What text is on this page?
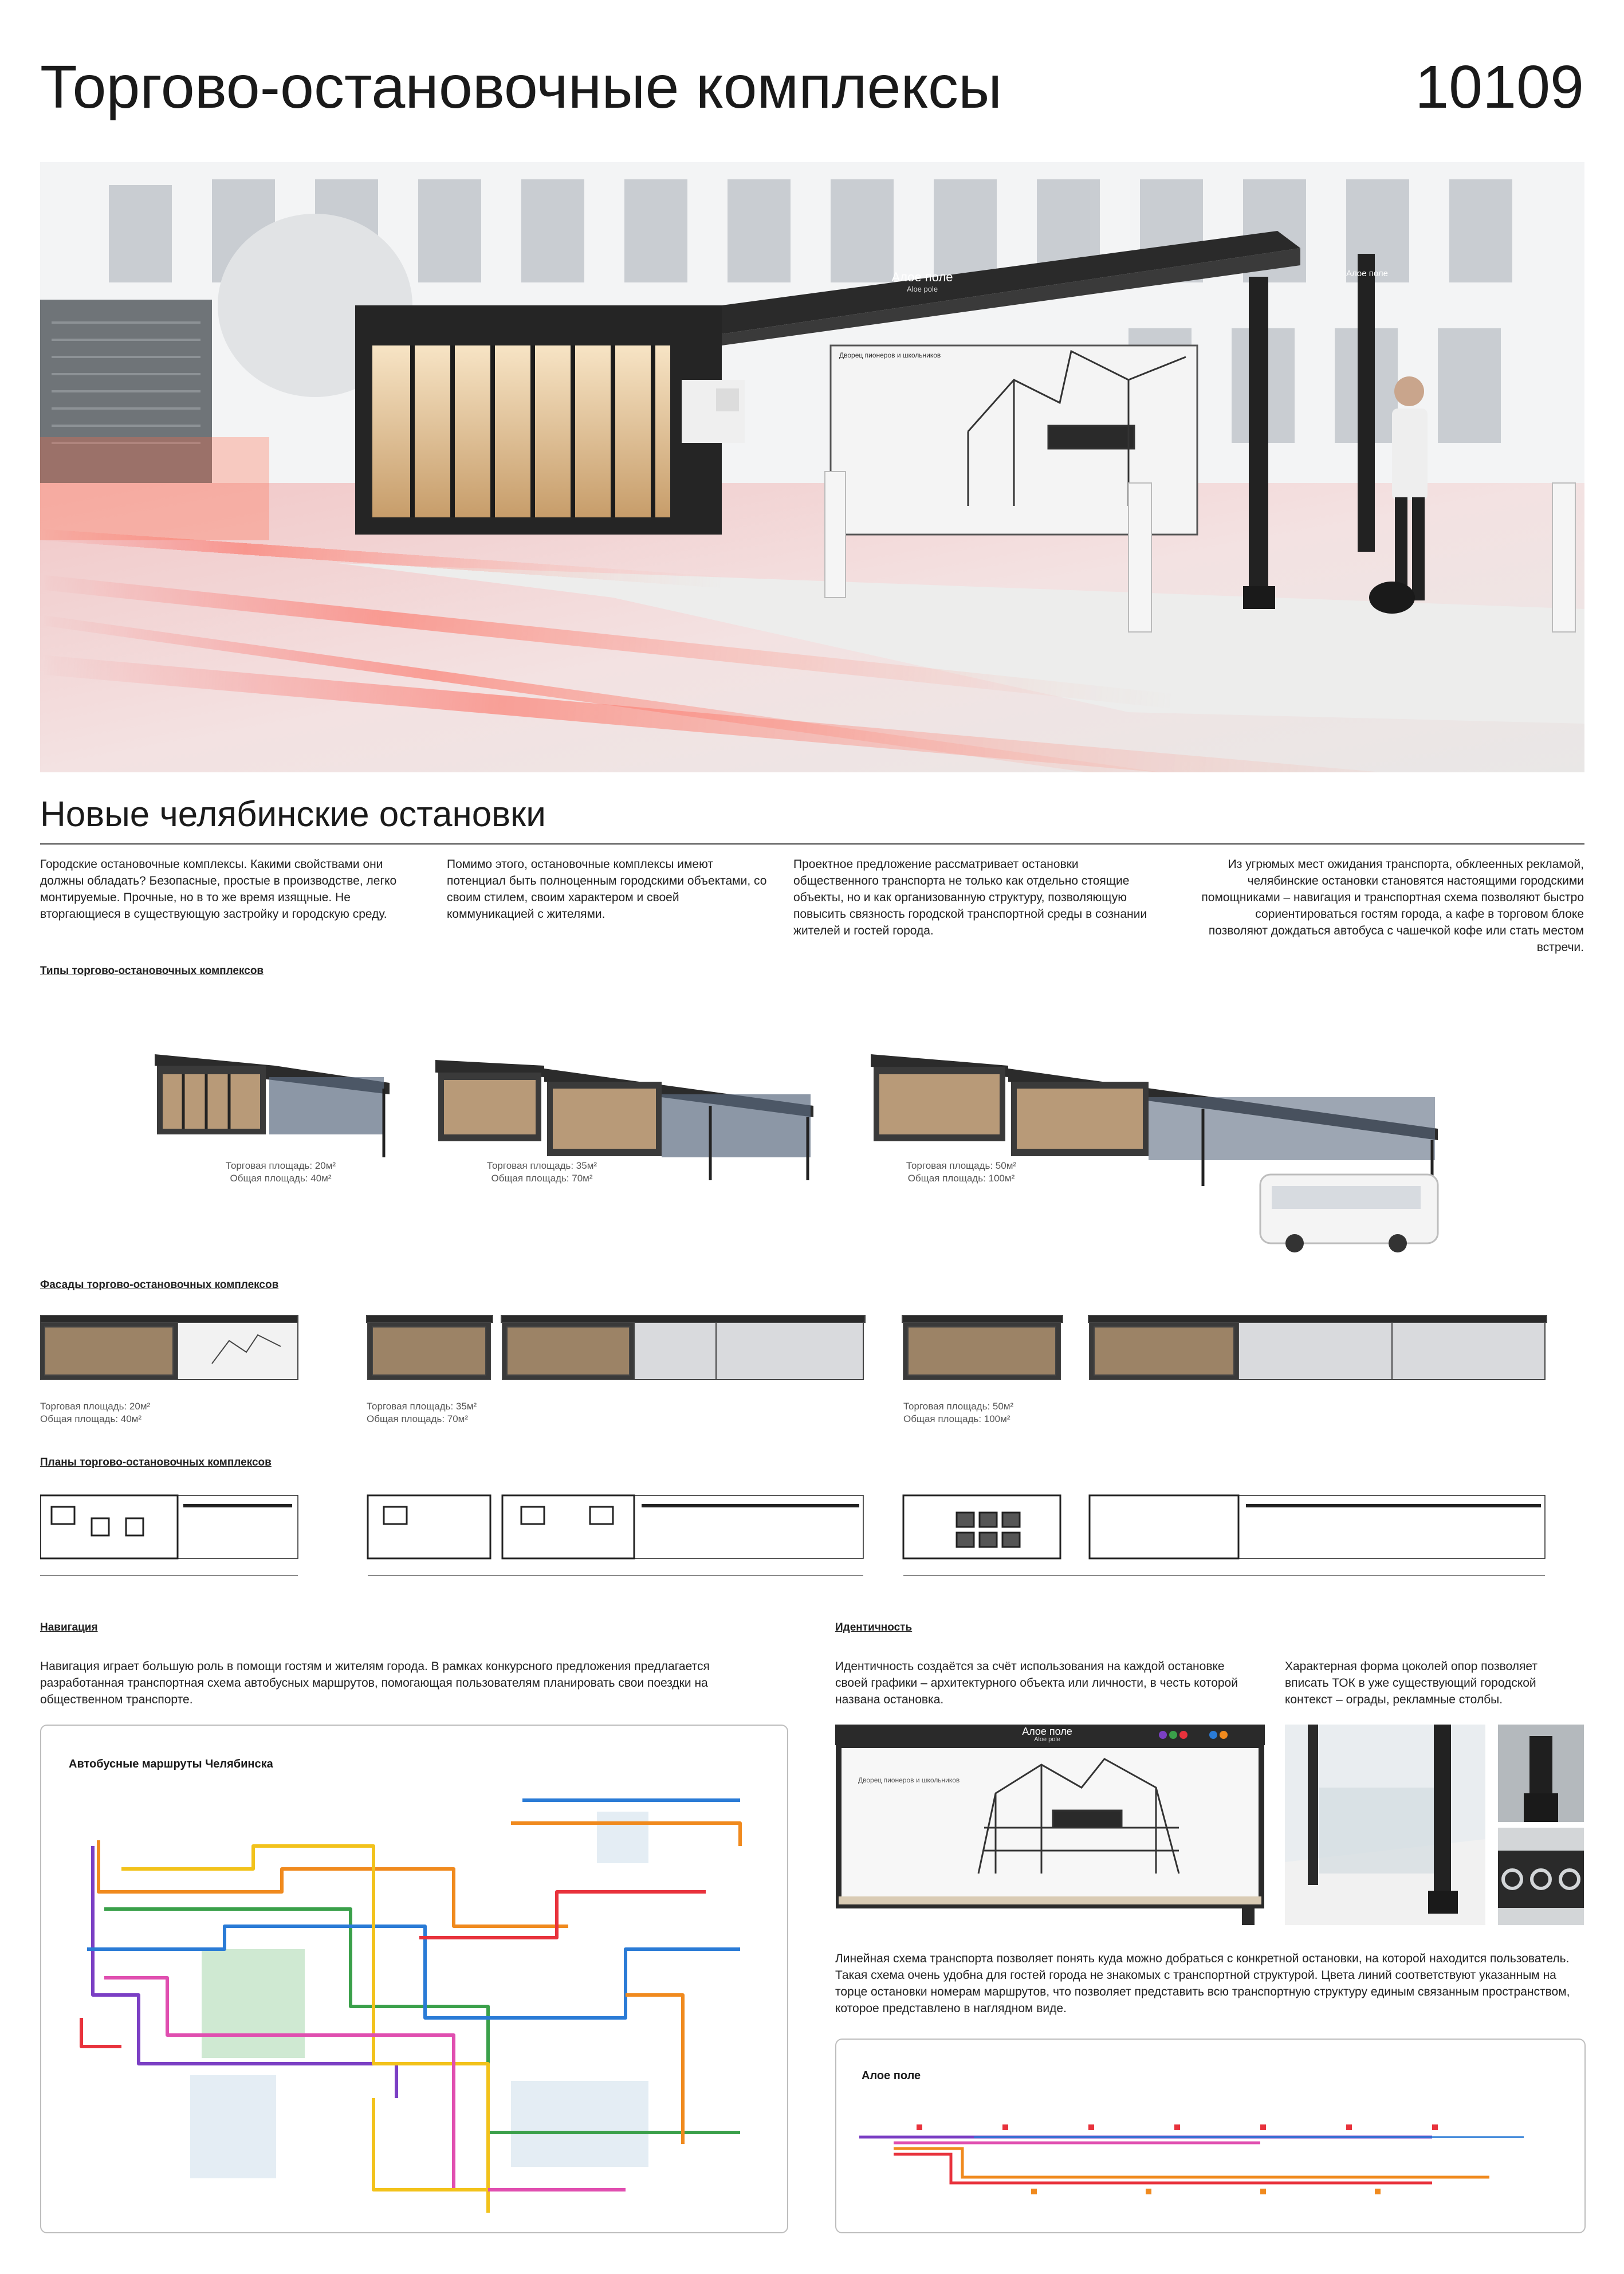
Торгово-остановочные комплексы	10109
Алое поле
Aloe pole
Алое поле
Дворец пионеров и школьников
Новые челябинские остановки
Городские остановочные комплексы. Какими свойствами они должны обладать? Безопасные, простые в производстве, легко монтируемые. Прочные, но в то же время изящные. Не вторгающиеся в существующую застройку и городскую среду.
Помимо этого, остановочные комплексы имеют потенциал быть полноценным городскими объектами, со своим стилем, своим характером и своей коммуникацией с жителями.
Проектное предложение рассматривает остановки общественного транспорта не только как отдельно стоящие объекты, но и как организованную структуру, позволяющую повысить связность городской транспортной среды в сознании жителей и гостей города.
Из угрюмых мест ожидания транспорта, обклеенных рекламой, челябинские остановки становятся настоящими городскими помощниками – навигация и транспортная схема позволяют быстро сориентироваться гостям города, а кафе в торговом блоке позволяют дождаться автобуса с чашечкой кофе или стать местом встречи.
Типы торгово-остановочных комплексов
Торговая площадь: 20м²
Общая площадь: 40м²
Торговая площадь: 35м²
Общая площадь: 70м²
Торговая площадь: 50м²
Общая площадь: 100м²
Фасады торгово-остановочных комплексов
Торговая площадь: 20м²
Общая площадь: 40м²
Торговая площадь: 35м²
Общая площадь: 70м²
Торговая площадь: 50м²
Общая площадь: 100м²
Планы торгово-остановочных комплексов
Навигация
Навигация играет большую роль в помощи гостям и жителям города. В рамках конкурсного предложения предлагается разработанная транспортная схема автобусных маршрутов, помогающая пользователям планировать свои поездки на общественном транспорте.
Автобусные маршруты Челябинска
Идентичность
Идентичность создаётся за счёт использования на каждой остановке своей графики – архитектурного объекта или личности, в честь которой названа остановка.
Характерная форма цоколей опор позволяет вписать ТОК в уже существующий городской контекст – ограды, рекламные столбы.
Алое поле
Aloe pole
Дворец пионеров и школьников
Линейная схема транспорта позволяет понять куда можно добраться с конкретной остановки, на которой находится пользователь. Такая схема очень удобна для гостей города не знакомых с транспортной структурой. Цвета линий соответствуют указанным на торце остановки номерам маршрутов, что позволяет представить всю транспортную структуру единым связанным пространством, которое представлено в наглядном виде.
Алое поле
